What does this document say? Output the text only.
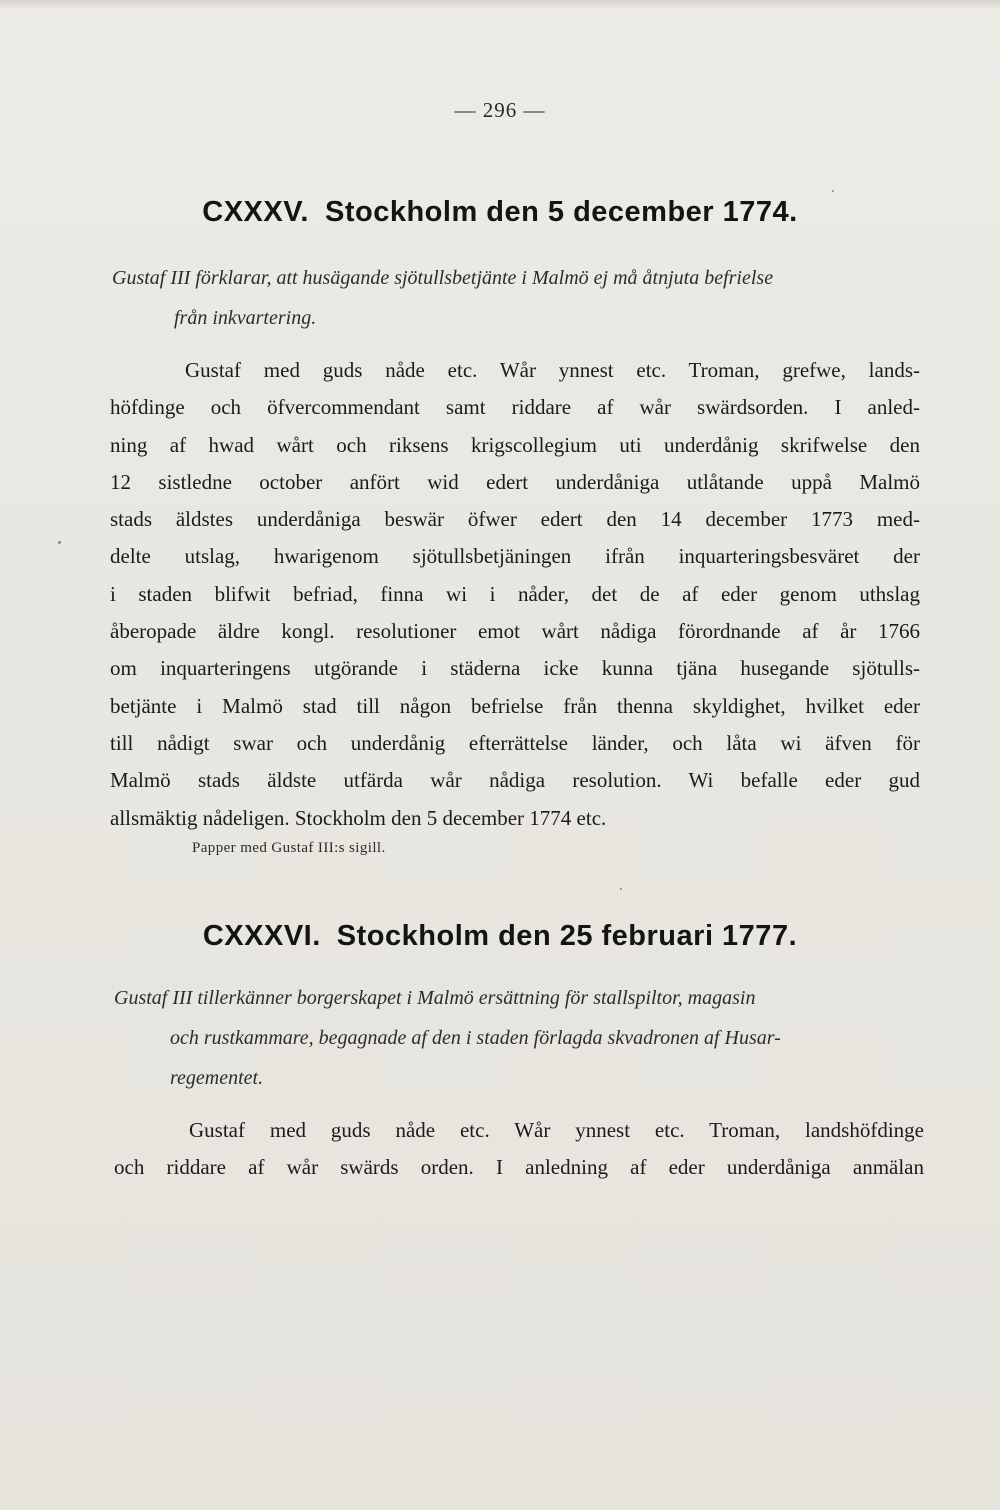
— 296 —
CXXXV. Stockholm den 5 december 1774.
Gustaf III förklarar, att husägande sjötullsbetjänte i Malmö ej må åtnjuta befrielse
från inkvartering.
Gustaf med guds nåde etc. Wår ynnest etc. Troman, grefwe, lands-
höfdinge och öfvercommendant samt riddare af wår swärdsorden. I anled-
ning af hwad wårt och riksens krigscollegium uti underdånig skrifwelse den
12 sistledne october anfört wid edert underdåniga utlåtande uppå Malmö
stads äldstes underdåniga beswär öfwer edert den 14 december 1773 med-
delte utslag, hwarigenom sjötullsbetjäningen ifrån inquarteringsbesväret der
i staden blifwit befriad, finna wi i nåder, det de af eder genom uthslag
åberopade äldre kongl. resolutioner emot wårt nådiga förordnande af år 1766
om inquarteringens utgörande i städerna icke kunna tjäna husegande sjötulls-
betjänte i Malmö stad till någon befrielse från thenna skyldighet, hvilket eder
till nådigt swar och underdånig efterrättelse länder, och låta wi äfven för
Malmö stads äldste utfärda wår nådiga resolution. Wi befalle eder gud
allsmäktig nådeligen. Stockholm den 5 december 1774 etc.
Papper med Gustaf III:s sigill.
CXXXVI. Stockholm den 25 februari 1777.
Gustaf III tillerkänner borgerskapet i Malmö ersättning för stallspiltor, magasin
och rustkammare, begagnade af den i staden förlagda skvadronen af Husar-
regementet.
Gustaf med guds nåde etc. Wår ynnest etc. Troman, landshöfdinge
och riddare af wår swärds orden. I anledning af eder underdåniga anmälan
